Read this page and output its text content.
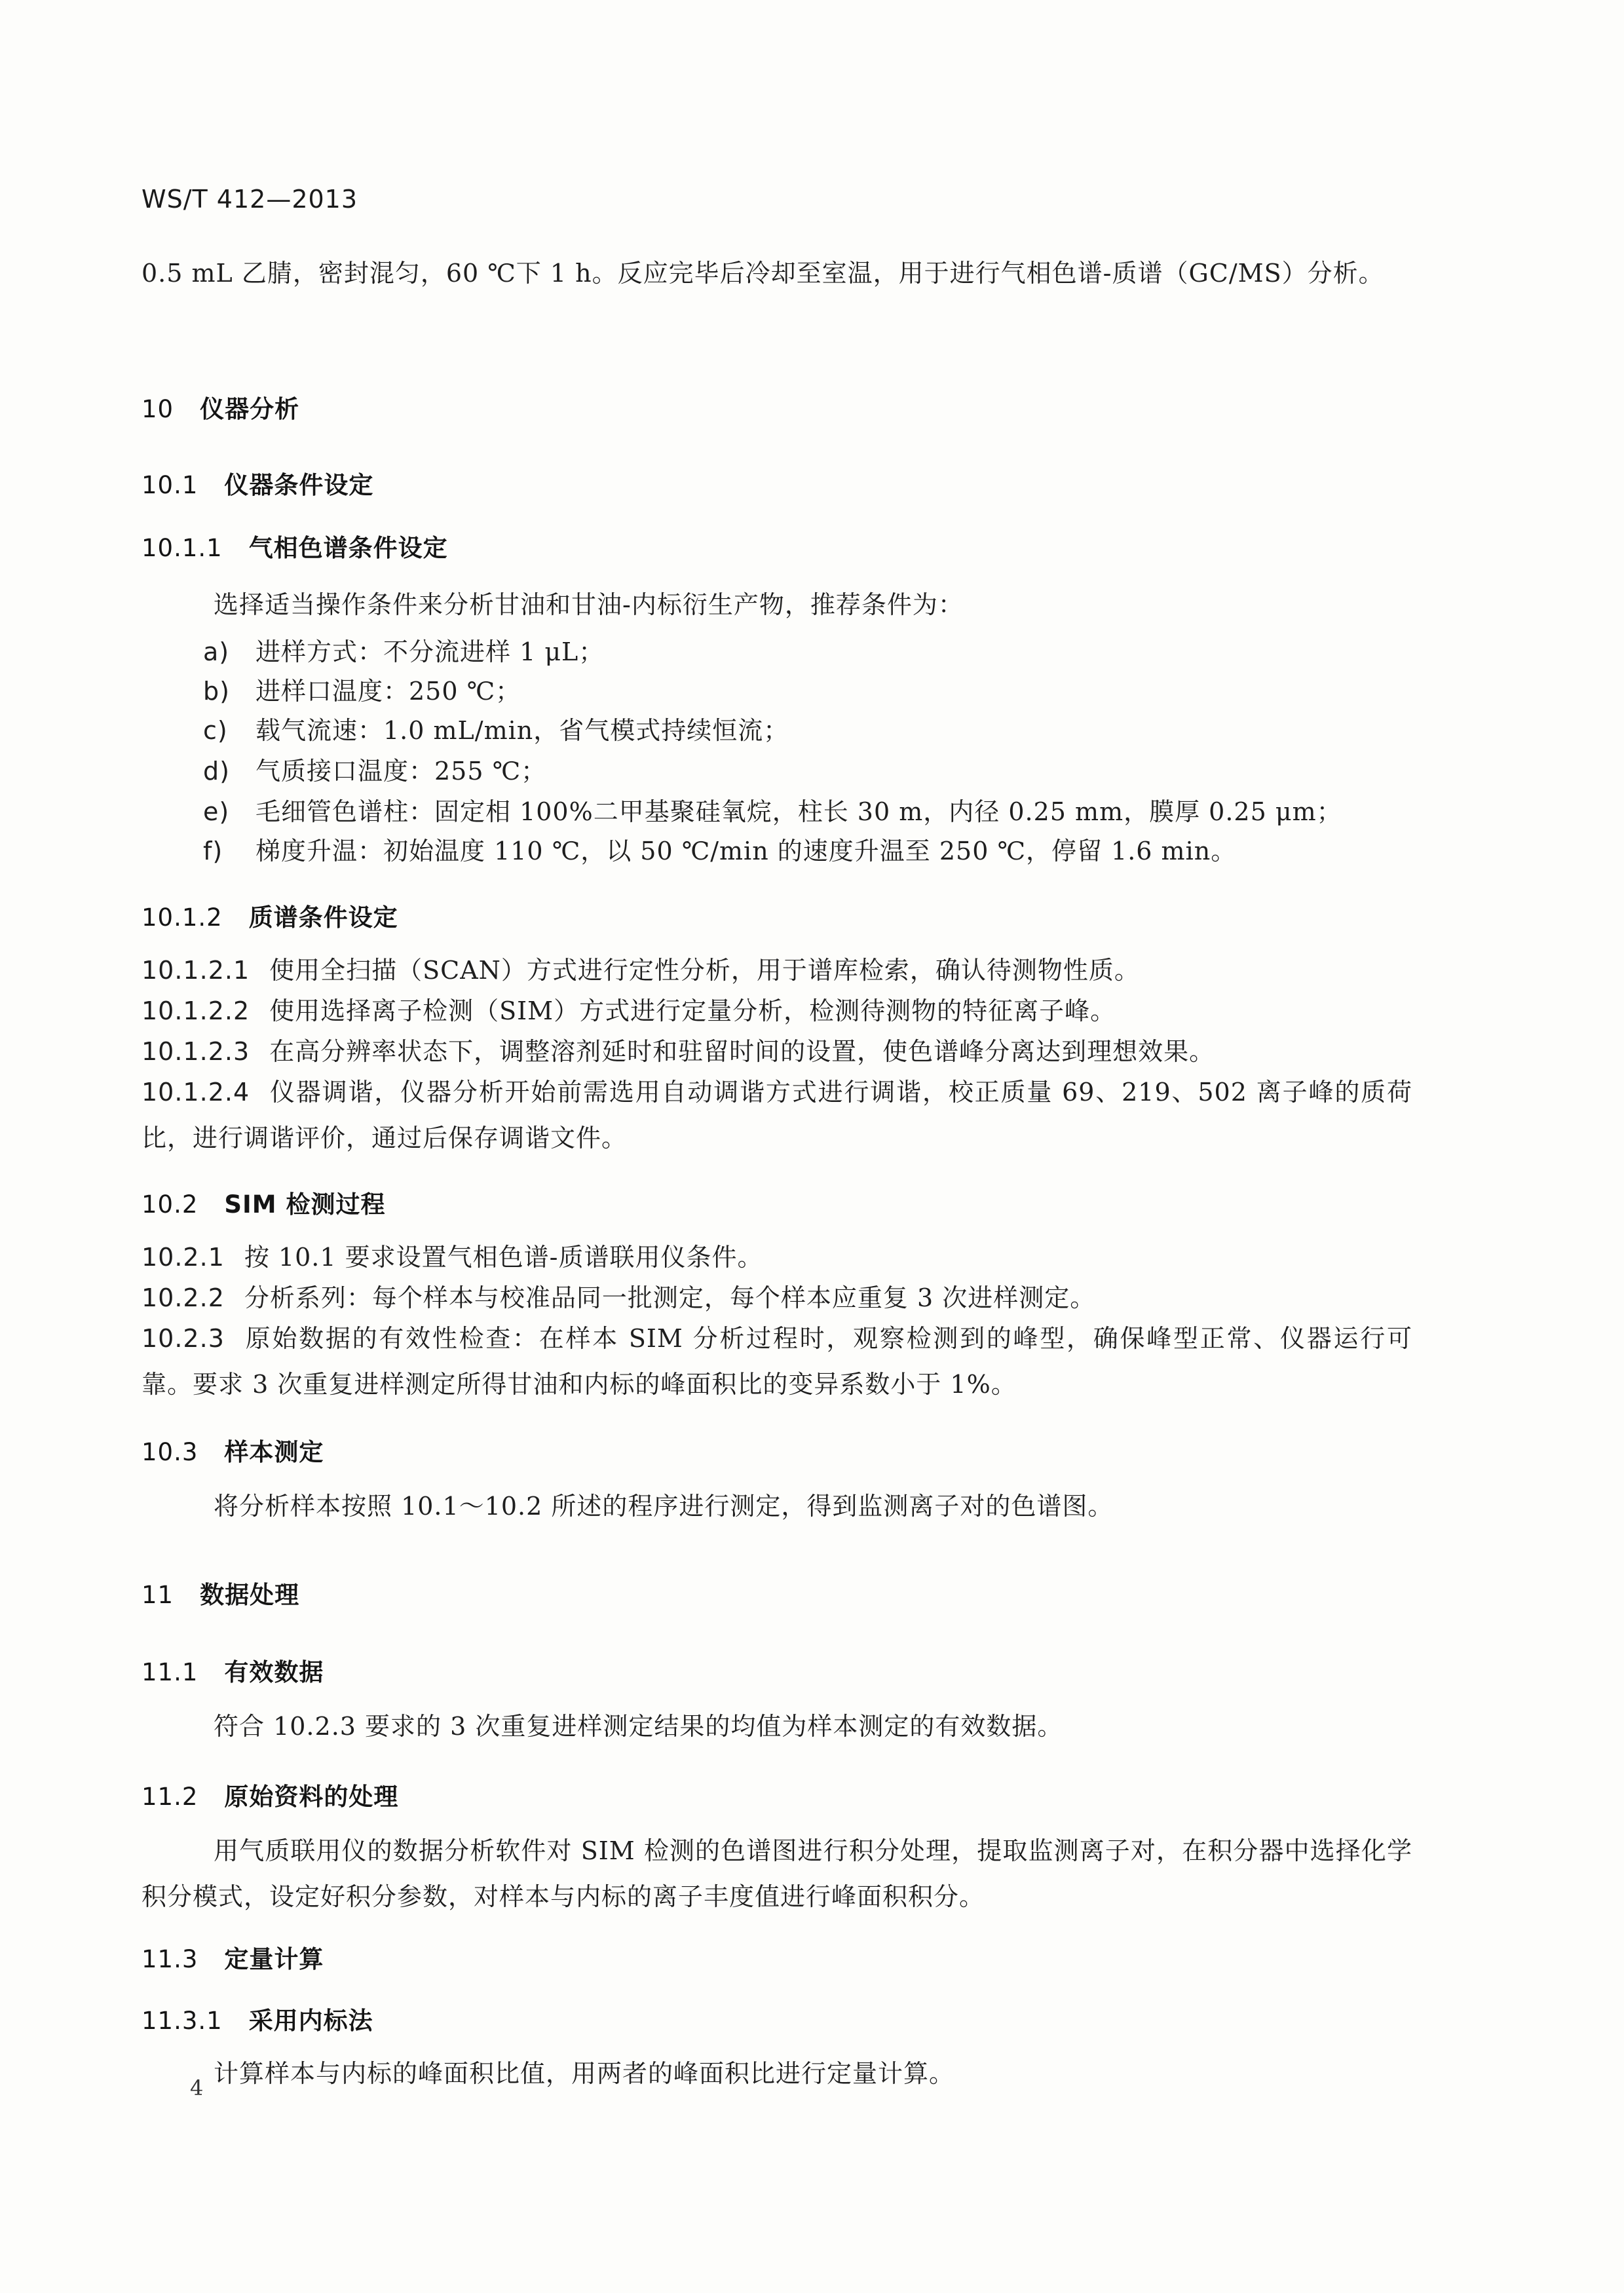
WS/T 412—2013
0.5 mL 乙腈，密封混匀，60 ℃下 1 h。反应完毕后冷却至室温，用于进行气相色谱-质谱（GC/MS）分析。
10 仪器分析
10.1 仪器条件设定
10.1.1 气相色谱条件设定
选择适当操作条件来分析甘油和甘油-内标衍生产物，推荐条件为：
a) 进样方式：不分流进样 1 μL；
b) 进样口温度：250 ℃；
c) 载气流速：1.0 mL/min，省气模式持续恒流；
d) 气质接口温度：255 ℃；
e) 毛细管色谱柱：固定相 100%二甲基聚硅氧烷，柱长 30 m，内径 0.25 mm，膜厚 0.25 μm；
f) 梯度升温：初始温度 110 ℃，以 50 ℃/min 的速度升温至 250 ℃，停留 1.6 min。
10.1.2 质谱条件设定
10.1.2.1 使用全扫描（SCAN）方式进行定性分析，用于谱库检索，确认待测物性质。
10.1.2.2 使用选择离子检测（SIM）方式进行定量分析，检测待测物的特征离子峰。
10.1.2.3 在高分辨率状态下，调整溶剂延时和驻留时间的设置，使色谱峰分离达到理想效果。
10.1.2.4 仪器调谐，仪器分析开始前需选用自动调谐方式进行调谐，校正质量 69、219、502 离子峰的质荷比，进行调谐评价，通过后保存调谐文件。
10.2 SIM 检测过程
10.2.1 按 10.1 要求设置气相色谱-质谱联用仪条件。
10.2.2 分析系列：每个样本与校准品同一批测定，每个样本应重复 3 次进样测定。
10.2.3 原始数据的有效性检查：在样本 SIM 分析过程时，观察检测到的峰型，确保峰型正常、仪器运行可靠。要求 3 次重复进样测定所得甘油和内标的峰面积比的变异系数小于 1%。
10.3 样本测定
将分析样本按照 10.1～10.2 所述的程序进行测定，得到监测离子对的色谱图。
11 数据处理
11.1 有效数据
符合 10.2.3 要求的 3 次重复进样测定结果的均值为样本测定的有效数据。
11.2 原始资料的处理
用气质联用仪的数据分析软件对 SIM 检测的色谱图进行积分处理，提取监测离子对，在积分器中选择化学积分模式，设定好积分参数，对样本与内标的离子丰度值进行峰面积积分。
11.3 定量计算
11.3.1 采用内标法
计算样本与内标的峰面积比值，用两者的峰面积比进行定量计算。
4
